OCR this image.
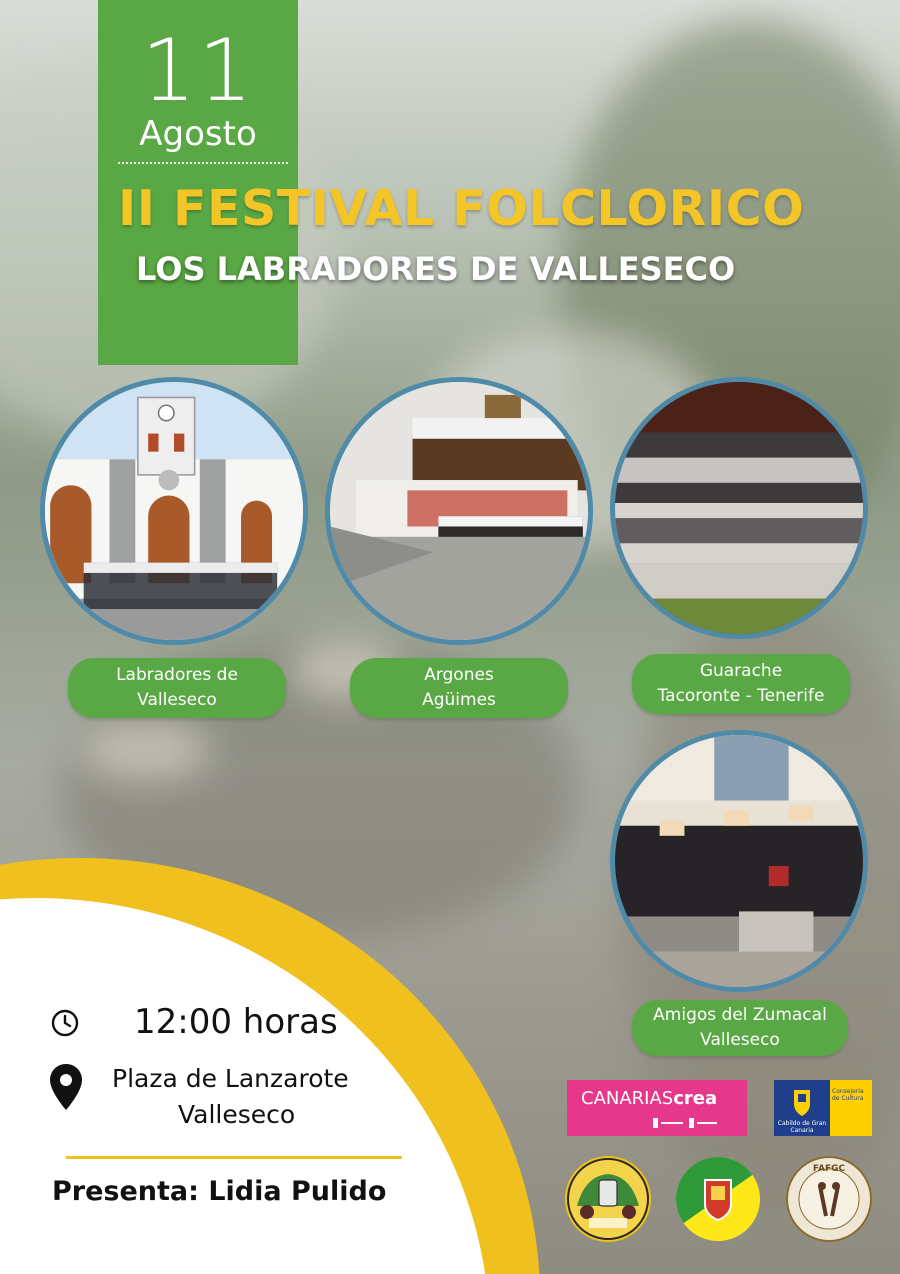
11
Agosto
II FESTIVAL FOLCLORICO
LOS LABRADORES DE VALLESECO
Labradores de
Valleseco
Argones
Agüimes
Guarache
Tacoronte - Tenerife
Amigos del Zumacal
Valleseco
12:00 horas
Plaza de Lanzarote
Valleseco
Presenta: Lidia Pulido
CANARIAScrea
Cabildo de Gran Canaria
Consejería de Cultura
FAFGC
